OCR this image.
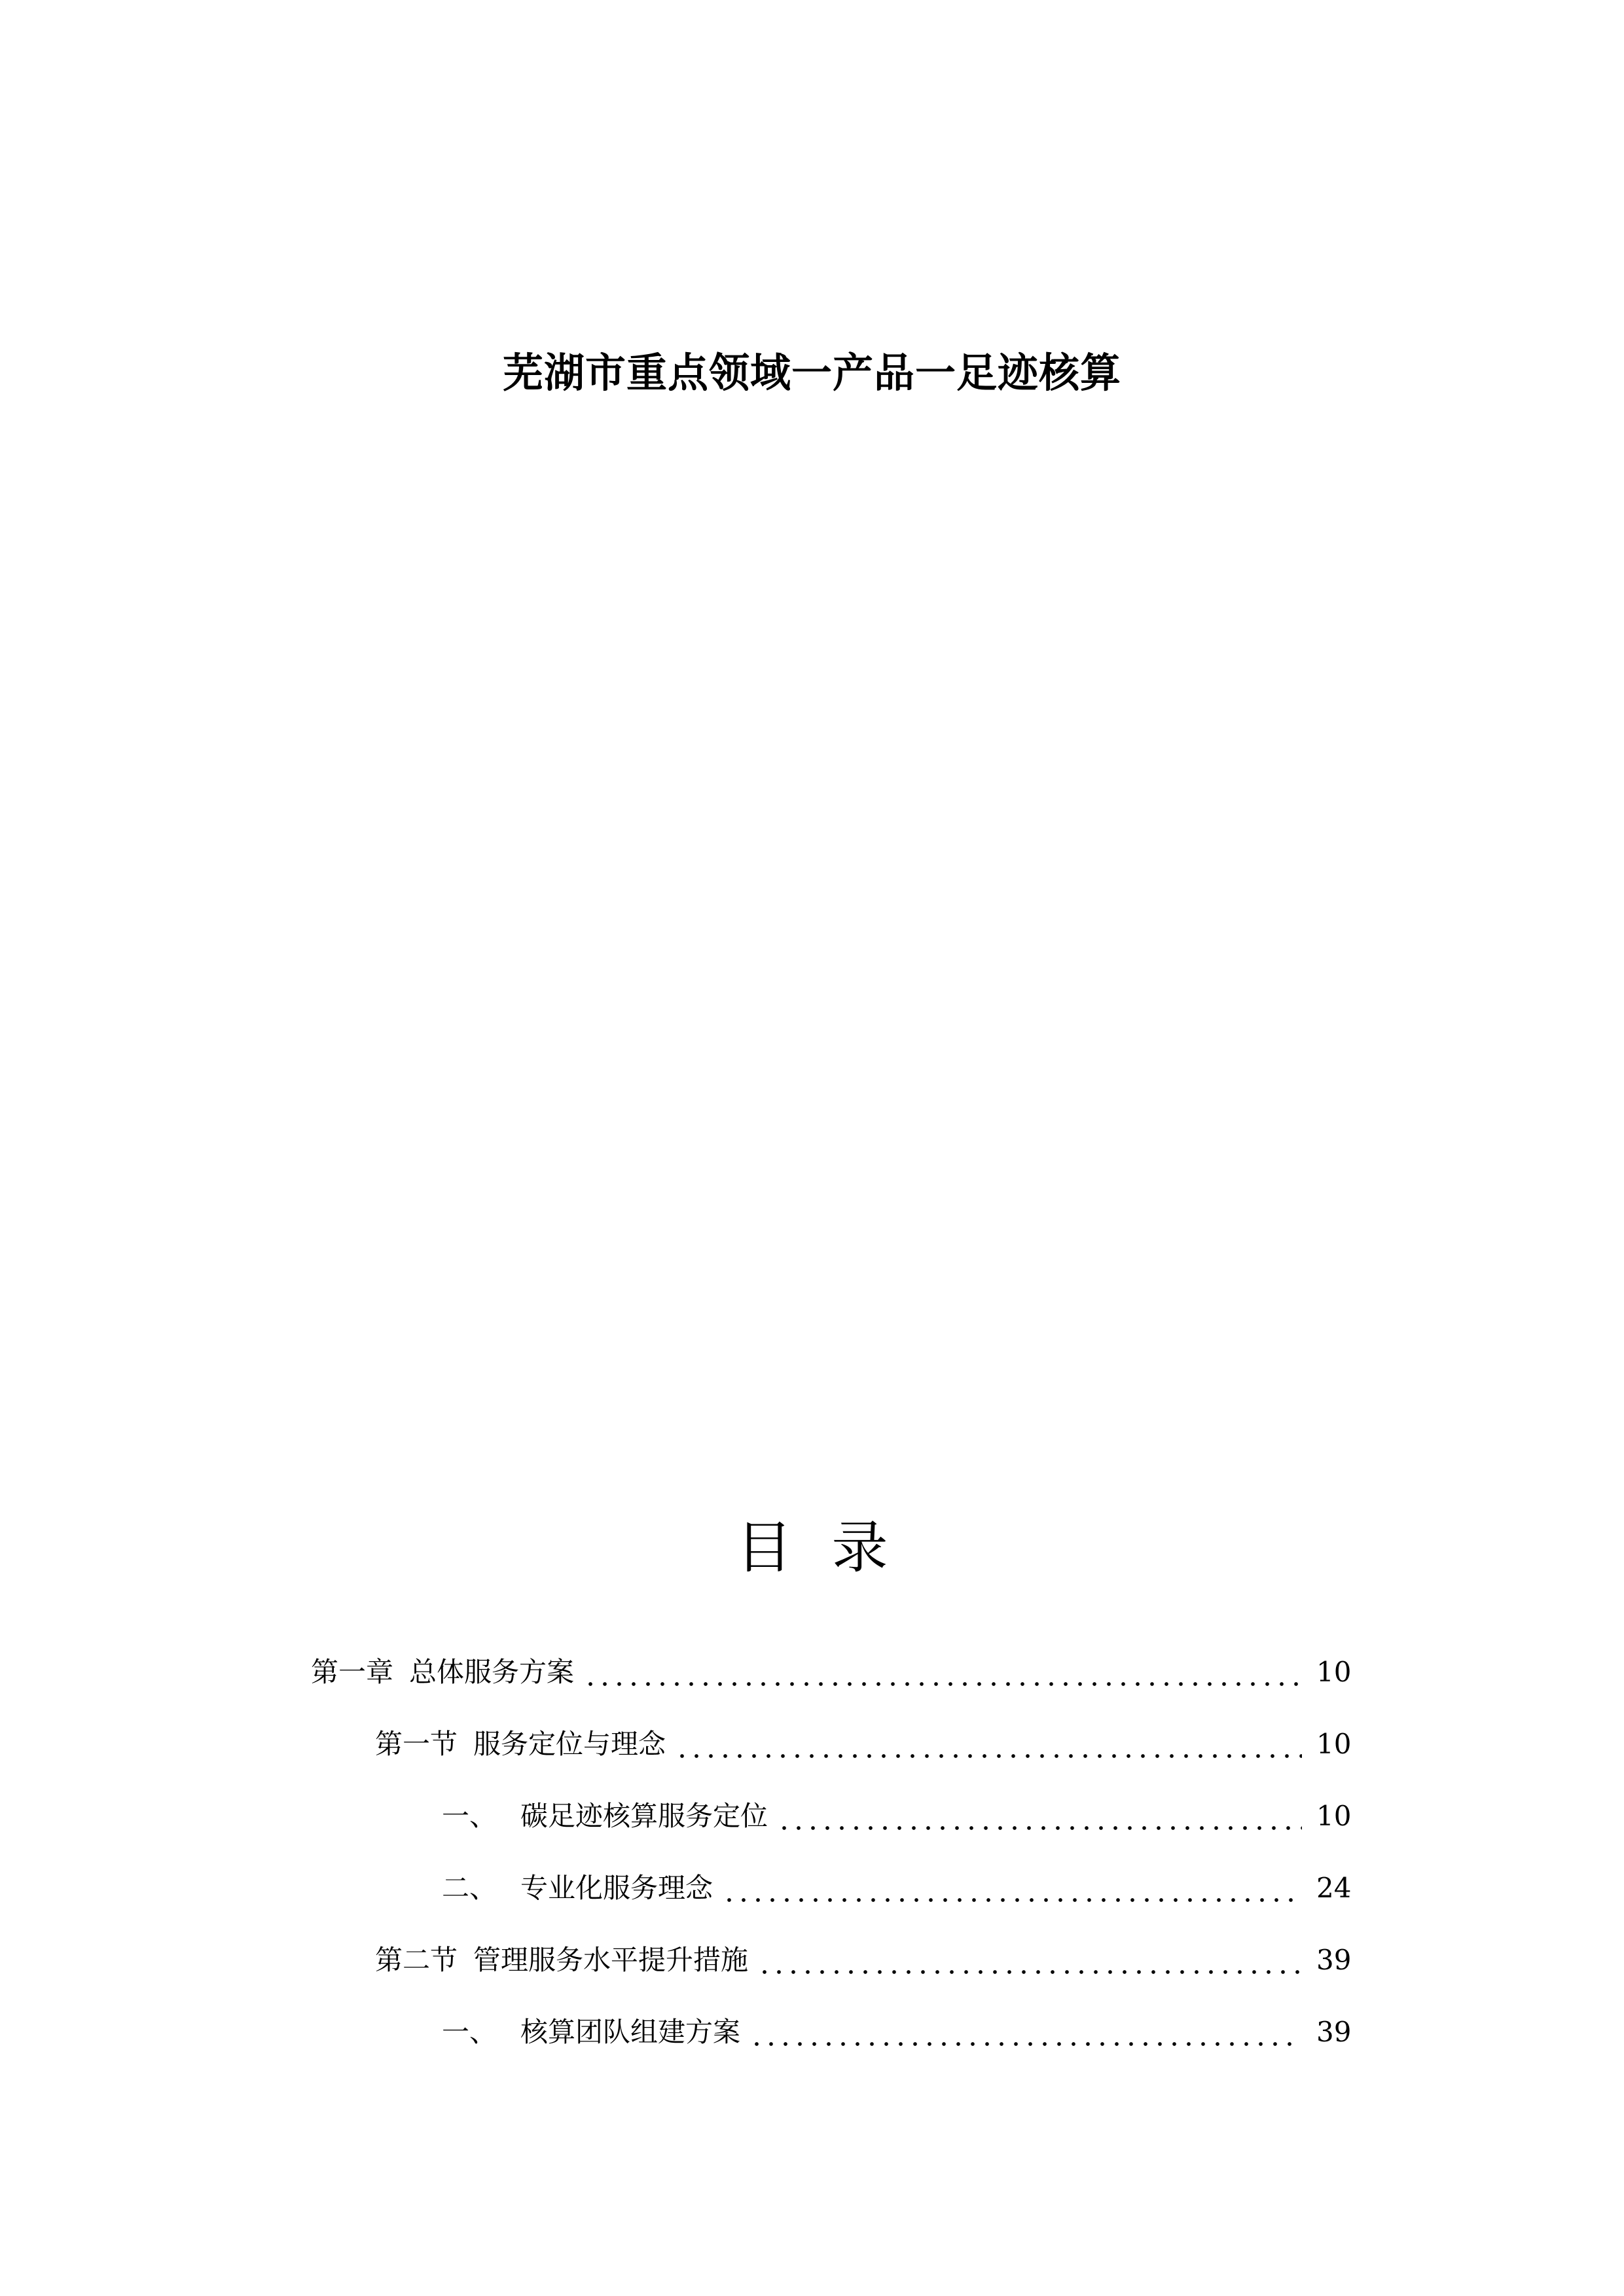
芜湖市重点领域一产品一足迹核算
目录
第一章 总体服务方案	10
第一节 服务定位与理念	10
一、 碳足迹核算服务定位	10
二、 专业化服务理念	24
第二节 管理服务水平提升措施	39
一、 核算团队组建方案	39
